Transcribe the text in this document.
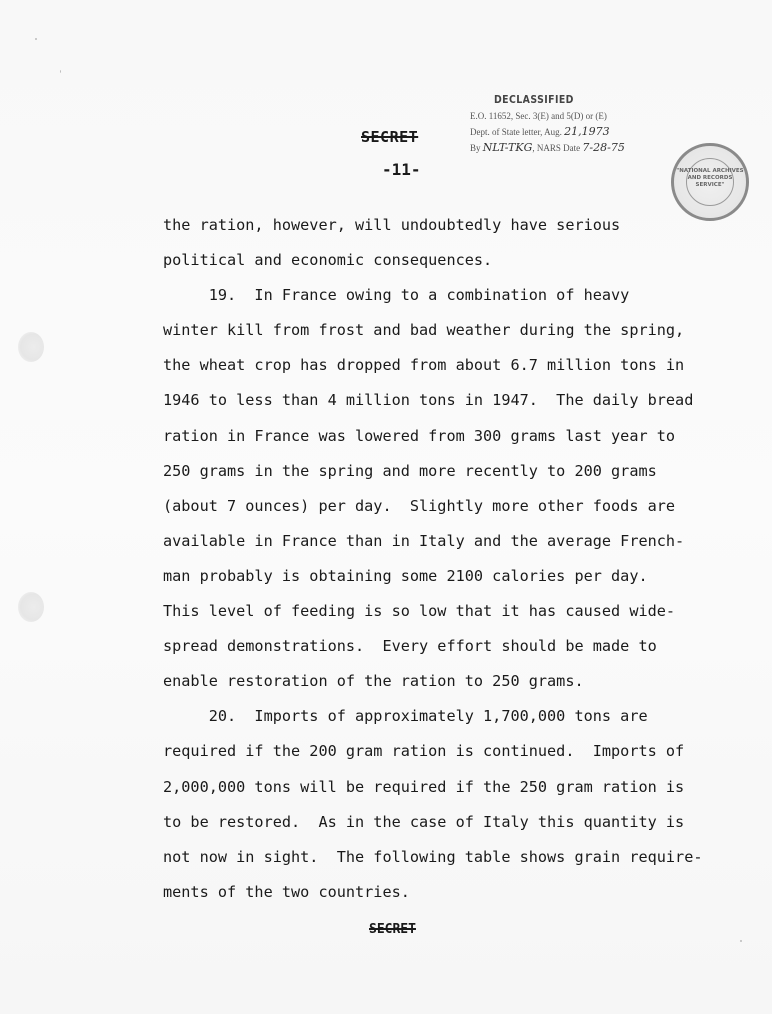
DECLASSIFIED
E.O. 11652, Sec. 3(E) and 5(D) or (E)
Dept. of State letter, Aug. 21,1973
By NLT-TKG, NARS Date 7-28-75
"NATIONAL ARCHIVES AND RECORDS SERVICE"
SECRET
-11-

the ration, however, will undoubtedly have serious

political and economic consequences.

19.  In France owing to a combination of heavy

winter kill from frost and bad weather during the spring,

the wheat crop has dropped from about 6.7 million tons in

1946 to less than 4 million tons in 1947.  The daily bread

ration in France was lowered from 300 grams last year to

250 grams in the spring and more recently to 200 grams

(about 7 ounces) per day.  Slightly more other foods are

available in France than in Italy and the average French-

man probably is obtaining some 2100 calories per day.

This level of feeding is so low that it has caused wide-

spread demonstrations.  Every effort should be made to

enable restoration of the ration to 250 grams.

20.  Imports of approximately 1,700,000 tons are

required if the 200 gram ration is continued.  Imports of

2,000,000 tons will be required if the 250 gram ration is

to be restored.  As in the case of Italy this quantity is

not now in sight.  The following table shows grain require-

ments of the two countries.

SECRET
